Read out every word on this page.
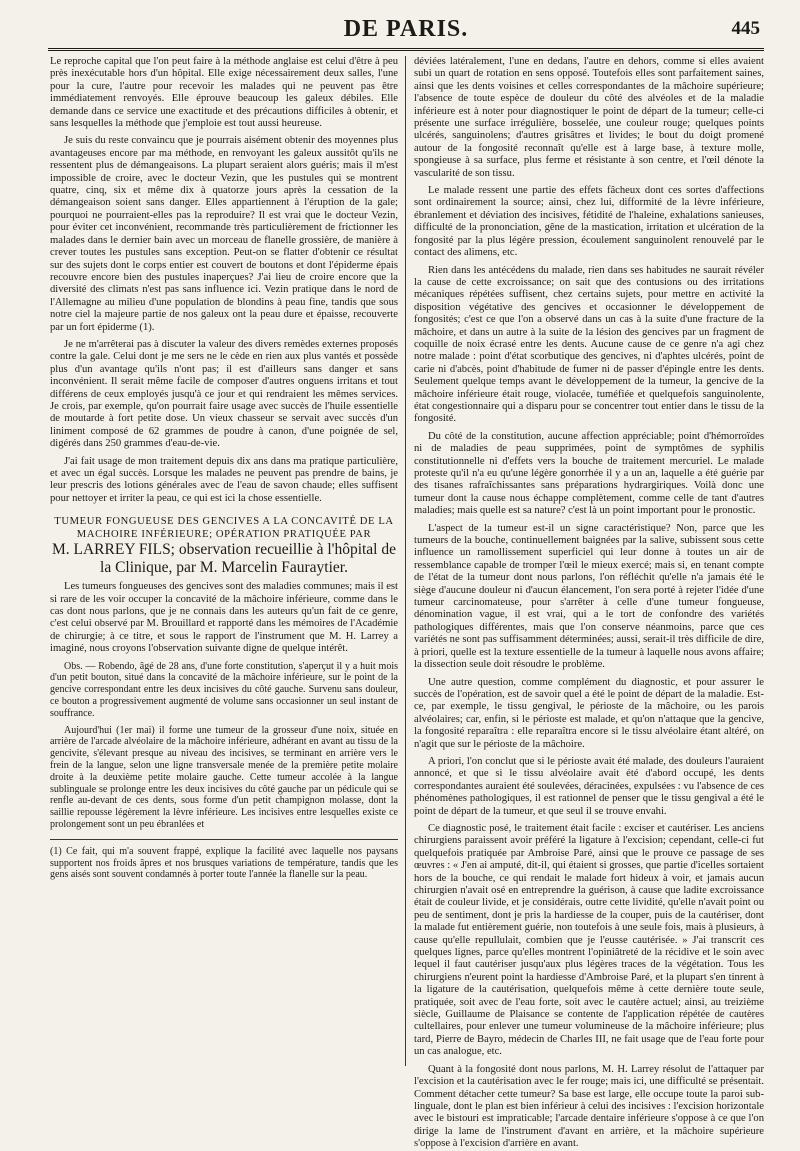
DE PARIS.	445

Le reproche capital que l'on peut faire à la méthode anglaise est celui d'être à peu près inexécutable hors d'un hôpital. Elle exige nécessairement deux salles, l'une pour la cure, l'autre pour recevoir les malades qui ne peuvent pas être immédiatement renvoyés. Elle éprouve beaucoup les galeux débiles. Elle demande dans ce service une exactitude et des précautions difficiles à obtenir, et sans lesquelles la méthode que j'emploie est tout aussi heureuse.

Je suis du reste convaincu que je pourrais aisément obtenir des moyennes plus avantageuses encore par ma méthode, en renvoyant les galeux aussitôt qu'ils ne ressentent plus de démangeaisons. La plupart seraient alors guéris; mais il m'est impossible de croire, avec le docteur Vezin, que les pustules qui se montrent quatre, cinq, six et même dix à quatorze jours après la cessation de la démangeaison soient sans danger. Elles appartiennent à l'éruption de la gale; pourquoi ne pourraient-elles pas la reproduire? Il est vrai que le docteur Vezin, pour éviter cet inconvénient, recommande très particulièrement de frictionner les malades dans le dernier bain avec un morceau de flanelle grossière, de manière à crever toutes les pustules sans exception. Peut-on se flatter d'obtenir ce résultat sur des sujets dont le corps entier est couvert de boutons et dont l'épiderme épais recouvre encore bien des pustules inaperçues? J'ai lieu de croire encore que la diversité des climats n'est pas sans influence ici. Vezin pratique dans le nord de l'Allemagne au milieu d'une population de blondins à peau fine, tandis que sous notre ciel la majeure partie de nos galeux ont la peau dure et épaisse, recouverte par un fort épiderme (1).

Je ne m'arrêterai pas à discuter la valeur des divers remèdes externes proposés contre la gale. Celui dont je me sers ne le cède en rien aux plus vantés et possède plus d'un avantage qu'ils n'ont pas; il est d'ailleurs sans danger et sans inconvénient. Il serait même facile de composer d'autres onguens irritans et tout différens de ceux employés jusqu'à ce jour et qui rendraient les mêmes services. Je crois, par exemple, qu'on pourrait faire usage avec succès de l'huile essentielle de moutarde à fort petite dose. Un vieux chasseur se servait avec succès d'un liniment composé de 62 grammes de poudre à canon, d'une poignée de sel, digérés dans 250 grammes d'eau-de-vie.

J'ai fait usage de mon traitement depuis dix ans dans ma pratique particulière, et avec un égal succès. Lorsque les malades ne peuvent pas prendre de bains, je leur prescris des lotions générales avec de l'eau de savon chaude; elles suffisent pour nettoyer et irriter la peau, ce qui est ici la chose essentielle.

TUMEUR FONGUEUSE DES GENCIVES A LA CONCAVITÉ DE LA
MACHOIRE INFÉRIEURE; OPÉRATION PRATIQUÉE PAR
M. LARREY FILS; observation recueillie à l'hôpital de
la Clinique, par M. Marcelin Fauraytier.

Les tumeurs fongueuses des gencives sont des maladies communes; mais il est si rare de les voir occuper la concavité de la mâchoire inférieure, comme dans le cas dont nous parlons, que je ne connais dans les auteurs qu'un fait de ce genre, c'est celui observé par M. Brouillard et rapporté dans les mémoires de l'Académie de chirurgie; à ce titre, et sous le rapport de l'instrument que M. H. Larrey a imaginé, nous croyons l'observation suivante digne de quelque intérêt.

Obs. — Robendo, âgé de 28 ans, d'une forte constitution, s'aperçut il y a huit mois d'un petit bouton, situé dans la concavité de la mâchoire inférieure, sur le point de la gencive correspondant entre les deux incisives du côté gauche. Survenu sans douleur, ce bouton a progressivement augmenté de volume sans occasionner un seul instant de souffrance.

Aujourd'hui (1er mai) il forme une tumeur de la grosseur d'une noix, située en arrière de l'arcade alvéolaire de la mâchoire inférieure, adhérant en avant au tissu de la gencivite, s'élevant presque au niveau des incisives, se terminant en arrière vers le frein de la langue, selon une ligne transversale menée de la première petite molaire droite à la deuxième petite molaire gauche. Cette tumeur accolée à la langue sublinguale se prolonge entre les deux incisives du côté gauche par un pédicule qui se renfle au-devant de ces dents, sous forme d'un petit champignon molasse, dont la saillie repousse légèrement la lèvre inférieure. Les incisives entre lesquelles existe ce prolongement sont un peu ébranlées et

(1) Ce fait, qui m'a souvent frappé, explique la facilité avec laquelle nos paysans supportent nos froids âpres et nos brusques variations de température, tandis que les gens aisés sont souvent condamnés à porter toute l'année la flanelle sur la peau.

déviées latéralement, l'une en dedans, l'autre en dehors, comme si elles avaient subi un quart de rotation en sens opposé. Toutefois elles sont parfaitement saines, ainsi que les dents voisines et celles correspondantes de la mâchoire supérieure; l'absence de toute espèce de douleur du côté des alvéoles et de la maladie inférieure est à noter pour diagnostiquer le point de départ de la tumeur; celle-ci présente une surface irrégulière, bosselée, une couleur rouge; quelques points ulcérés, sanguinolens; d'autres grisâtres et livides; le bout du doigt promené autour de la fongosité reconnaît qu'elle est à large base, à texture molle, spongieuse à sa surface, plus ferme et résistante à son centre, et l'œil dénote la vascularité de son tissu.

Le malade ressent une partie des effets fâcheux dont ces sortes d'affections sont ordinairement la source; ainsi, chez lui, difformité de la lèvre inférieure, ébranlement et déviation des incisives, fétidité de l'haleine, exhalations sanieuses, difficulté de la prononciation, gêne de la mastication, irritation et ulcération de la fongosité par la plus légère pression, écoulement sanguinolent renouvelé par le contact des alimens, etc.

Rien dans les antécédens du malade, rien dans ses habitudes ne saurait révéler la cause de cette excroissance; on sait que des contusions ou des irritations mécaniques répétées suffisent, chez certains sujets, pour mettre en activité la disposition végétative des gencives et occasionner le développement de fongosités; c'est ce que l'on a observé dans un cas à la suite d'une fracture de la mâchoire, et dans un autre à la suite de la lésion des gencives par un fragment de coquille de noix écrasé entre les dents. Aucune cause de ce genre n'a agi chez notre malade : point d'état scorbutique des gencives, ni d'aphtes ulcérés, point de carie ni d'abcès, point d'habitude de fumer ni de passer d'épingle entre les dents. Seulement quelque temps avant le développement de la tumeur, la gencive de la mâchoire inférieure était rouge, violacée, tuméfiée et quelquefois sanguinolente, état congestionnaire qui a disparu pour se concentrer tout entier dans le tissu de la fongosité.

Du côté de la constitution, aucune affection appréciable; point d'hémorroïdes ni de maladies de peau supprimées, point de symptômes de syphilis constitutionnelle ni d'effets vers la bouche de traitement mercuriel. Le malade proteste qu'il n'a eu qu'une légère gonorrhée il y a un an, laquelle a été guérie par des tisanes rafraîchissantes sans préparations hydrargiriques. Voilà donc une tumeur dont la cause nous échappe complètement, comme celle de tant d'autres maladies; mais quelle est sa nature? c'est là un point important pour le pronostic.

L'aspect de la tumeur est-il un signe caractéristique? Non, parce que les tumeurs de la bouche, continuellement baignées par la salive, subissent sous cette influence un ramollissement superficiel qui leur donne à toutes un air de ressemblance capable de tromper l'œil le mieux exercé; mais si, en tenant compte de l'état de la tumeur dont nous parlons, l'on réfléchit qu'elle n'a jamais été le siège d'aucune douleur ni d'aucun élancement, l'on sera porté à rejeter l'idée d'une tumeur carcinomateuse, pour s'arrêter à celle d'une tumeur fongueuse, dénomination vague, il est vrai, qui a le tort de confondre des variétés pathologiques différentes, mais que l'on conserve néanmoins, parce que ces variétés ne sont pas suffisamment déterminées; aussi, serait-il très difficile de dire, à priori, quelle est la texture essentielle de la tumeur à laquelle nous avons affaire; la dissection seule doit résoudre le problème.

Une autre question, comme complément du diagnostic, et pour assurer le succès de l'opération, est de savoir quel a été le point de départ de la maladie. Est-ce, par exemple, le tissu gengival, le périoste de la mâchoire, ou les parois alvéolaires; car, enfin, si le périoste est malade, et qu'on n'attaque que la gencive, la fongosité reparaîtra : elle reparaîtra encore si le tissu alvéolaire étant altéré, on n'agit que sur le périoste de la mâchoire.

A priori, l'on conclut que si le périoste avait été malade, des douleurs l'auraient annoncé, et que si le tissu alvéolaire avait été d'abord occupé, les dents correspondantes auraient été soulevées, déracinées, expulsées : vu l'absence de ces phénomènes pathologiques, il est rationnel de penser que le tissu gengival a été le point de départ de la tumeur, et que seul il se trouve envahi.

Ce diagnostic posé, le traitement était facile : exciser et cautériser. Les anciens chirurgiens paraissent avoir préféré la ligature à l'excision; cependant, celle-ci fut quelquefois pratiquée par Ambroise Paré, ainsi que le prouve ce passage de ses œuvres : « J'en ai amputé, dit-il, qui étaient si grosses, que partie d'icelles sortaient hors de la bouche, ce qui rendait le malade fort hideux à voir, et jamais aucun chirurgien n'avait osé en entreprendre la guérison, à cause que ladite excroissance était de couleur livide, et je considérais, outre cette lividité, qu'elle n'avait point ou peu de sentiment, dont je pris la hardiesse de la couper, puis de la cautériser, dont la malade fut entièrement guérie, non toutefois à une seule fois, mais à plusieurs, à cause qu'elle repullulait, combien que je l'eusse cautérisée. » J'ai transcrit ces quelques lignes, parce qu'elles montrent l'opiniâtreté de la récidive et le soin avec lequel il faut cautériser jusqu'aux plus légères traces de la végétation. Tous les chirurgiens n'eurent point la hardiesse d'Ambroise Paré, et la plupart s'en tinrent à la ligature de la cautérisation, quelquefois même à cette dernière toute seule, pratiquée, soit avec de l'eau forte, soit avec le cautère actuel; ainsi, au treizième siècle, Guillaume de Plaisance se contente de l'application répétée de cautères cultellaires, pour enlever une tumeur volumineuse de la mâchoire inférieure; plus tard, Pierre de Bayro, médecin de Charles III, ne fait usage que de l'eau forte pour un cas analogue, etc.

Quant à la fongosité dont nous parlons, M. H. Larrey résolut de l'attaquer par l'excision et la cautérisation avec le fer rouge; mais ici, une difficulté se présentait. Comment détacher cette tumeur? Sa base est large, elle occupe toute la paroi sub-linguale, dont le plan est bien inférieur à celui des incisives : l'excision horizontale avec le bistouri est impraticable; l'arcade dentaire inférieure s'oppose à ce que l'on dirige la lame de l'instrument d'avant en arrière, et la mâchoire supérieure s'oppose à l'excision d'arrière en avant.
